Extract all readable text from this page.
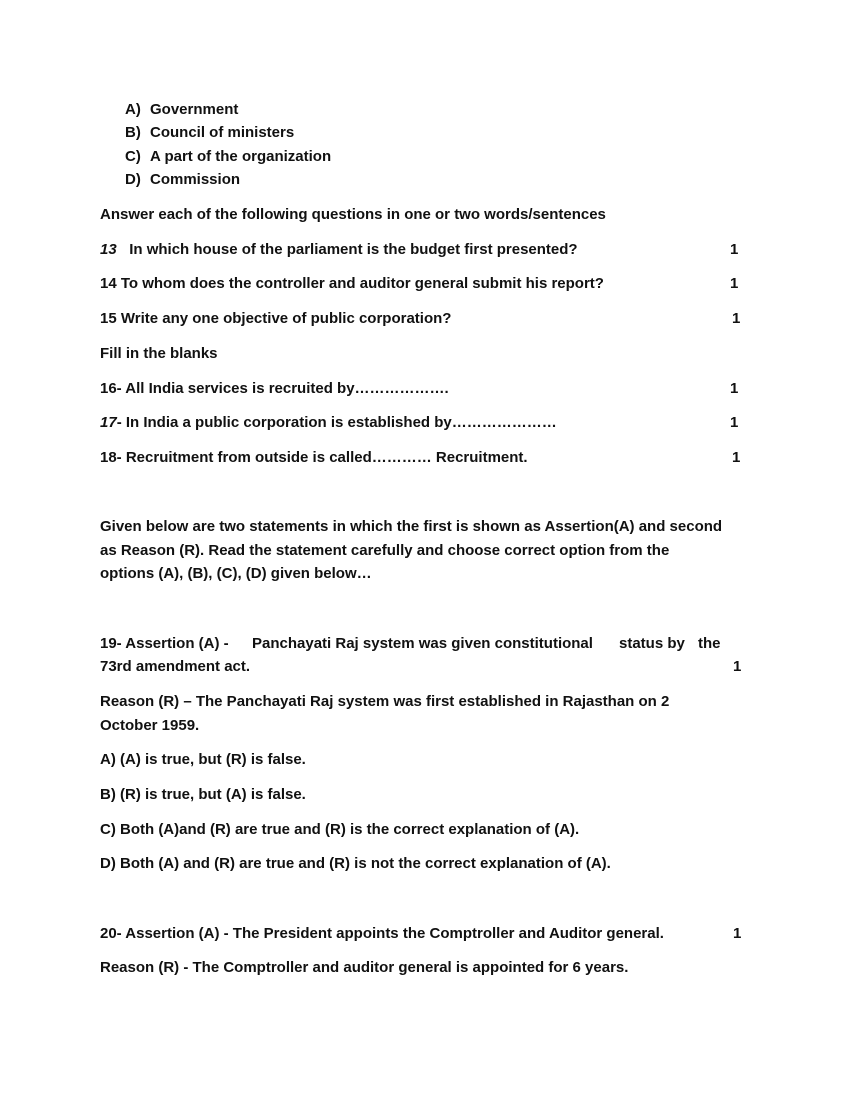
A) Government
B) Council of ministers
C) A part of the organization
D) Commission
Answer each of the following questions in one or two words/sentences
13 In which house of the parliament is the budget first presented?	1
14 To whom does the controller and auditor general submit his report?	1
15 Write any one objective of public corporation?	1
Fill in the blanks
16- All India services is recruited by……………….	1
17- In India a public corporation is established by…………………	1
18- Recruitment from outside is called………… Recruitment.	1
Given below are two statements in which the first is shown as Assertion(A) and second
as Reason (R). Read the statement carefully and choose correct option from the
options (A), (B), (C), (D) given below…
19- Assertion (A) - Panchayati Raj system was given constitutional status by the
73rd amendment act.	1
Reason (R) – The Panchayati Raj system was first established in Rajasthan on 2
October 1959.
A) (A) is true, but (R) is false.
B) (R) is true, but (A) is false.
C) Both (A)and (R) are true and (R) is the correct explanation of (A).
D) Both (A) and (R) are true and (R) is not the correct explanation of (A).
20- Assertion (A) - The President appoints the Comptroller and Auditor general.	1
Reason (R) - The Comptroller and auditor general is appointed for 6 years.
